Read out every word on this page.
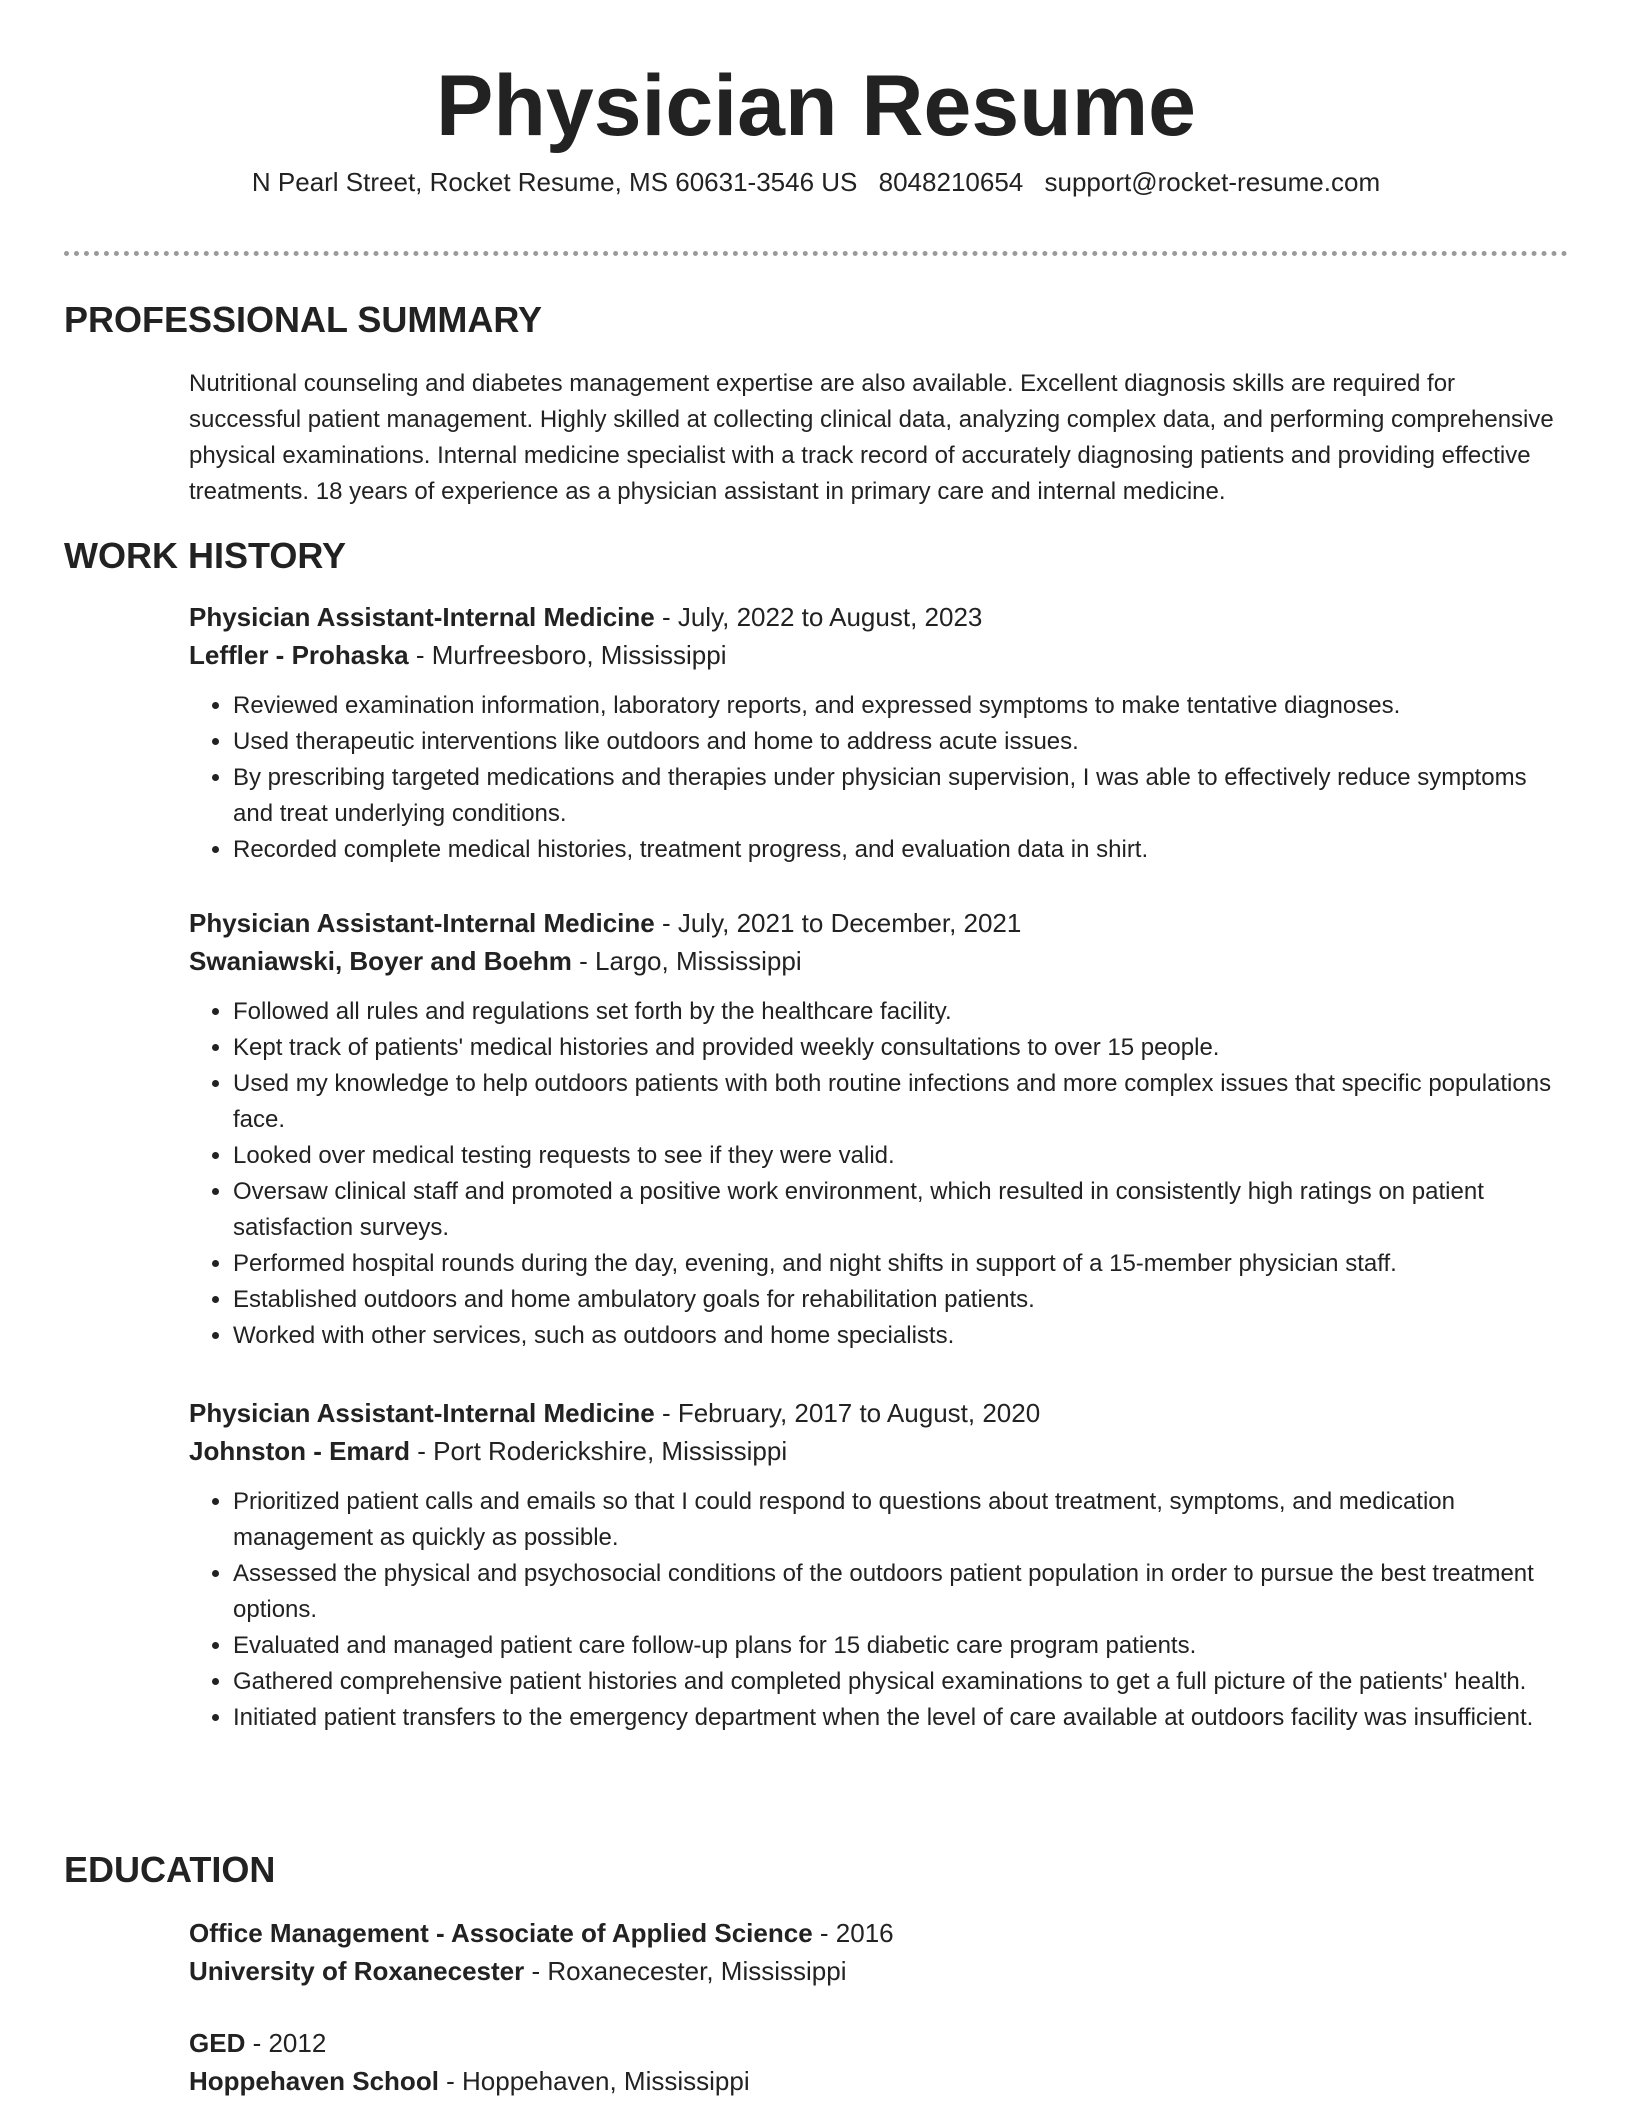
Physician Resume

N Pearl Street, Rocket Resume, MS 60631-3546 US 8048210654 support@rocket-resume.com

PROFESSIONAL SUMMARY

Nutritional counseling and diabetes management expertise are also available. Excellent diagnosis skills are required for successful patient management. Highly skilled at collecting clinical data, analyzing complex data, and performing comprehensive physical examinations. Internal medicine specialist with a track record of accurately diagnosing patients and providing effective treatments. 18 years of experience as a physician assistant in primary care and internal medicine.

WORK HISTORY

Physician Assistant-Internal Medicine - July, 2022 to August, 2023

Leffler - Prohaska - Murfreesboro, Mississippi

• Reviewed examination information, laboratory reports, and expressed symptoms to make tentative diagnoses.
• Used therapeutic interventions like outdoors and home to address acute issues.
• By prescribing targeted medications and therapies under physician supervision, I was able to effectively reduce symptoms and treat underlying conditions.
• Recorded complete medical histories, treatment progress, and evaluation data in shirt.

Physician Assistant-Internal Medicine - July, 2021 to December, 2021

Swaniawski, Boyer and Boehm - Largo, Mississippi

• Followed all rules and regulations set forth by the healthcare facility.
• Kept track of patients' medical histories and provided weekly consultations to over 15 people.
• Used my knowledge to help outdoors patients with both routine infections and more complex issues that specific populations face.
• Looked over medical testing requests to see if they were valid.
• Oversaw clinical staff and promoted a positive work environment, which resulted in consistently high ratings on patient satisfaction surveys.
• Performed hospital rounds during the day, evening, and night shifts in support of a 15-member physician staff.
• Established outdoors and home ambulatory goals for rehabilitation patients.
• Worked with other services, such as outdoors and home specialists.

Physician Assistant-Internal Medicine - February, 2017 to August, 2020

Johnston - Emard - Port Roderickshire, Mississippi

• Prioritized patient calls and emails so that I could respond to questions about treatment, symptoms, and medication management as quickly as possible.
• Assessed the physical and psychosocial conditions of the outdoors patient population in order to pursue the best treatment options.
• Evaluated and managed patient care follow-up plans for 15 diabetic care program patients.
• Gathered comprehensive patient histories and completed physical examinations to get a full picture of the patients' health.
• Initiated patient transfers to the emergency department when the level of care available at outdoors facility was insufficient.
EDUCATION

Office Management - Associate of Applied Science - 2016

University of Roxanecester - Roxanecester, Mississippi

GED - 2012

Hoppehaven School - Hoppehaven, Mississippi
